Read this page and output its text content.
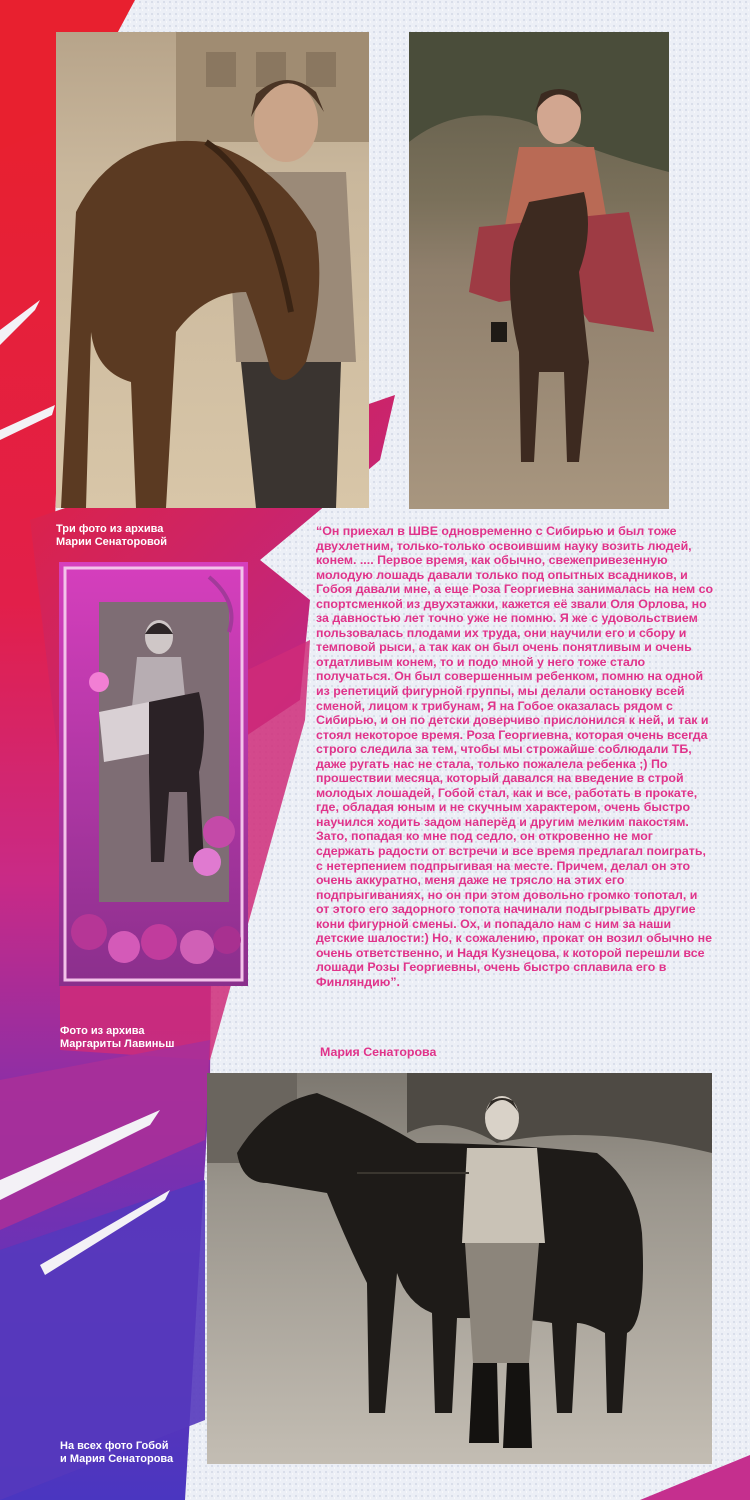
Три фото из архива
Марии Сенаторовой
Фото из архива
Маргариты Лавиньш

“Он приехал в ШВЕ одновременно с Сибирью и был тоже двухлетним, только-только освоившим науку возить людей, конем. .... Первое время, как обычно, свежепривезенную молодую лошадь давали только под опытных всадников, и Гобоя давали мне, а еще Роза Георгиевна занималась на нем со спортсменкой из двухэтажки, кажется её звали Оля Орлова, но за давностью лет точно уже не помню. Я же с удовольствием пользовалась плодами их труда, они научили его и сбору и темповой рыси, а так как он был очень понятливым и очень отдатливым конем, то и подо мной у него тоже стало получаться. Он был совершенным ребенком, помню на одной из репетиций фигурной группы, мы делали остановку всей сменой, лицом к трибунам, Я на Гобое оказалась рядом с Сибирью, и он по детски доверчиво прислонился к ней, и так и стоял некоторое время. Роза Георгиевна, которая очень всегда строго следила за тем, чтобы мы строжайше соблюдали ТБ, даже ругать нас не стала, только пожалела ребенка ;) По прошествии месяца, который давался на введение в строй молодых лошадей, Гобой стал, как и все, работать в прокате, где, обладая юным и не скучным характером, очень быстро научился ходить задом наперёд и другим мелким пакостям. Зато, попадая ко мне под седло, он откровенно не мог сдержать радости от встречи и все время предлагал поиграть, с нетерпением подпрыгивая на месте. Причем, делал он это очень аккуратно, меня даже не трясло на этих его подпрыгиваниях, но он при этом довольно громко топотал, и от этого его задорного топота начинали подыгрывать другие кони фигурной смены. Ох, и попадало нам с ним за наши детские шалости:) Но, к сожалению, прокат он возил обычно не очень ответственно, и Надя Кузнецова, к которой перешли все лошади Розы Георгиевны, очень быстро сплавила его в Финляндию”.

Мария Сенаторова
На всех фото Гобой
и Мария Сенаторова
